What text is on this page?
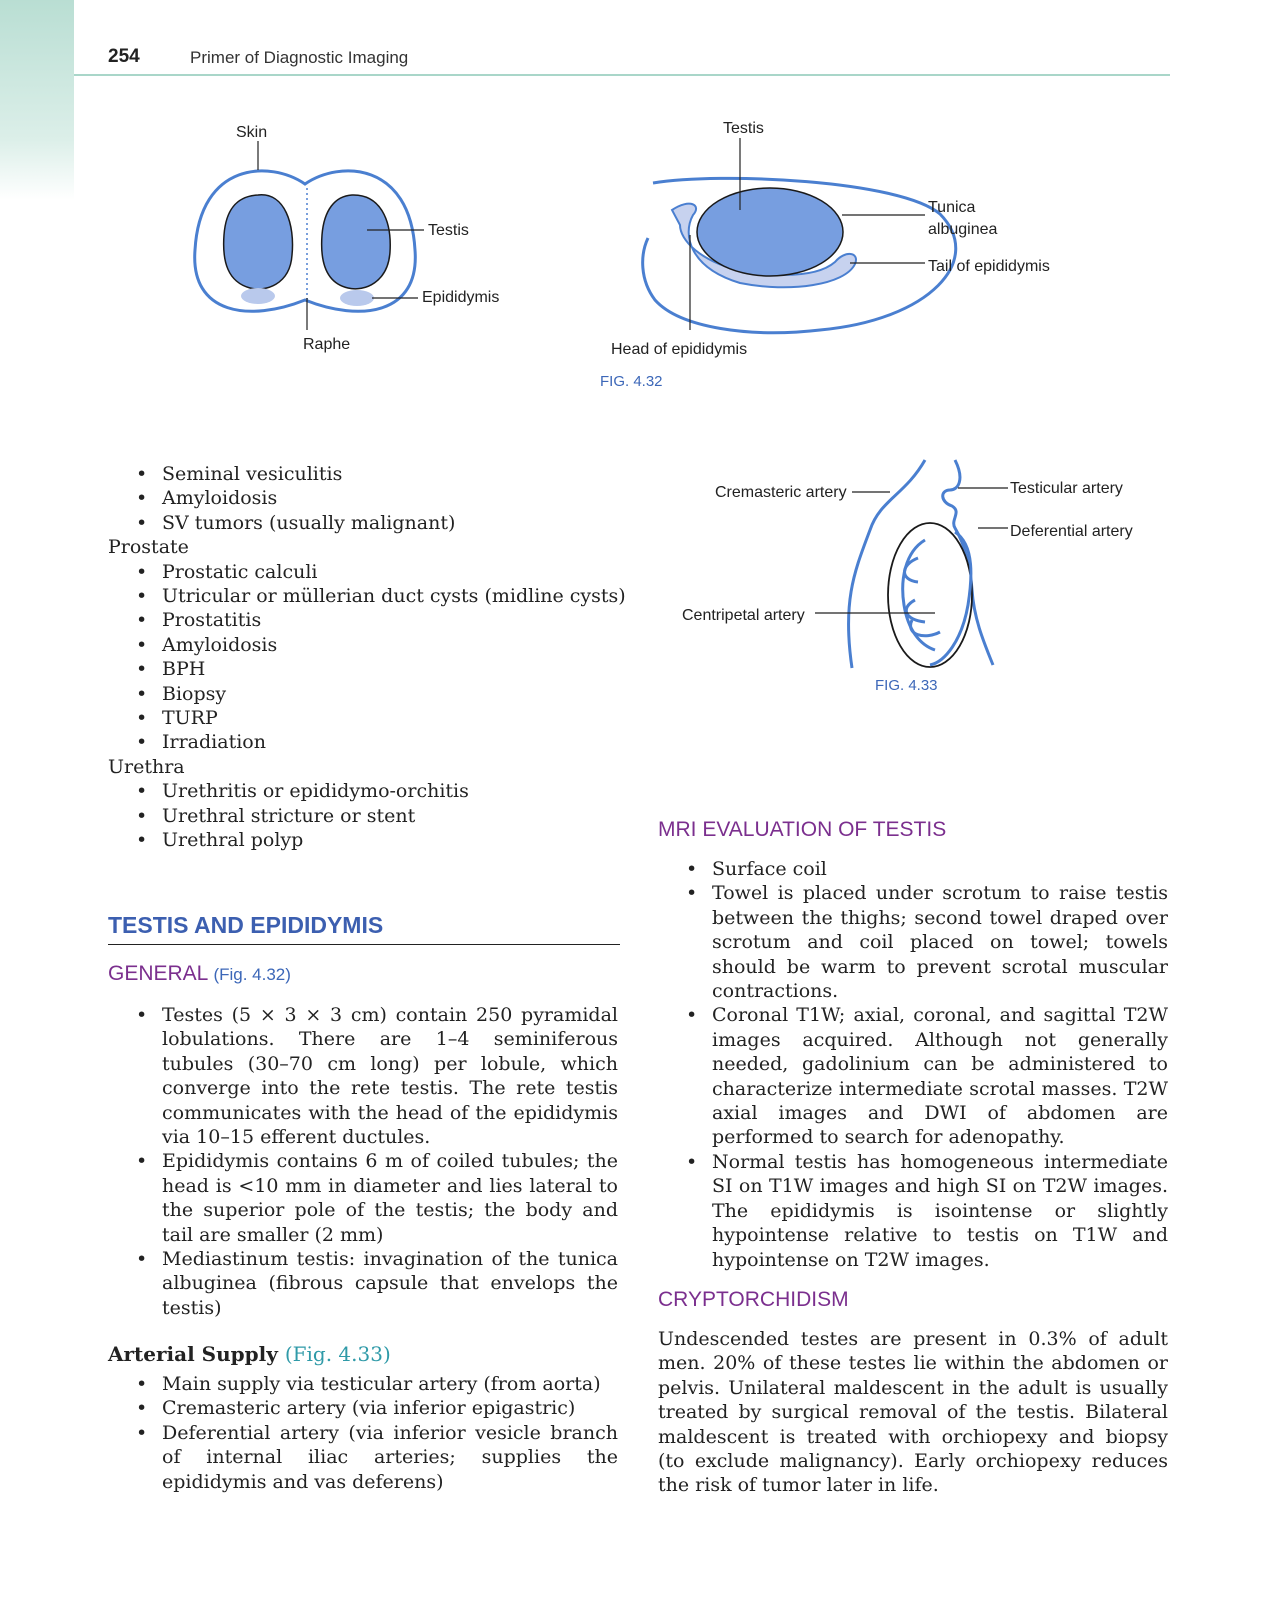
254	Primer of Diagnostic Imaging
Skin
Testis
Epididymis
Raphe
Testis
Tunica
albuginea
Tail of epididymis
Head of epididymis
FIG. 4.32
Cremasteric artery	Testicular artery
Deferential artery
Centripetal artery
FIG. 4.33
• Seminal vesiculitis
• Amyloidosis
• SV tumors (usually malignant)
Prostate
• Prostatic calculi
• Utricular or müllerian duct cysts (midline cysts)
• Prostatitis
• Amyloidosis
• BPH
• Biopsy
• TURP
• Irradiation
Urethra
• Urethritis or epididymo-orchitis
• Urethral stricture or stent
• Urethral polyp
TESTIS AND EPIDIDYMIS
GENERAL (Fig. 4.32)
• Testes (5 × 3 × 3 cm) contain 250 pyramidal lobulations. There are 1–4 seminiferous tubules (30–70 cm long) per lobule, which converge into the rete testis. The rete testis communicates with the head of the epididymis via 10–15 efferent ductules.
• Epididymis contains 6 m of coiled tubules; the head is <10 mm in diameter and lies lateral to the superior pole of the testis; the body and tail are smaller (2 mm)
• Mediastinum testis: invagination of the tunica albuginea (fibrous capsule that envelops the testis)
Arterial Supply (Fig. 4.33)
• Main supply via testicular artery (from aorta)
• Cremasteric artery (via inferior epigastric)
• Deferential artery (via inferior vesicle branch of internal iliac arteries; supplies the epididymis and vas deferens)
MRI EVALUATION OF TESTIS
• Surface coil
• Towel is placed under scrotum to raise testis between the thighs; second towel draped over scrotum and coil placed on towel; towels should be warm to prevent scrotal muscular contractions.
• Coronal T1W; axial, coronal, and sagittal T2W images acquired. Although not generally needed, gadolinium can be administered to characterize intermediate scrotal masses. T2W axial images and DWI of abdomen are performed to search for adenopathy.
• Normal testis has homogeneous intermediate SI on T1W images and high SI on T2W images. The epididymis is isointense or slightly hypointense relative to testis on T1W and hypointense on T2W images.
CRYPTORCHIDISM
Undescended testes are present in 0.3% of adult men. 20% of these testes lie within the abdomen or pelvis. Unilateral maldescent in the adult is usually treated by surgical removal of the testis. Bilateral maldescent is treated with orchiopexy and biopsy (to exclude malignancy). Early orchiopexy reduces the risk of tumor later in life.
